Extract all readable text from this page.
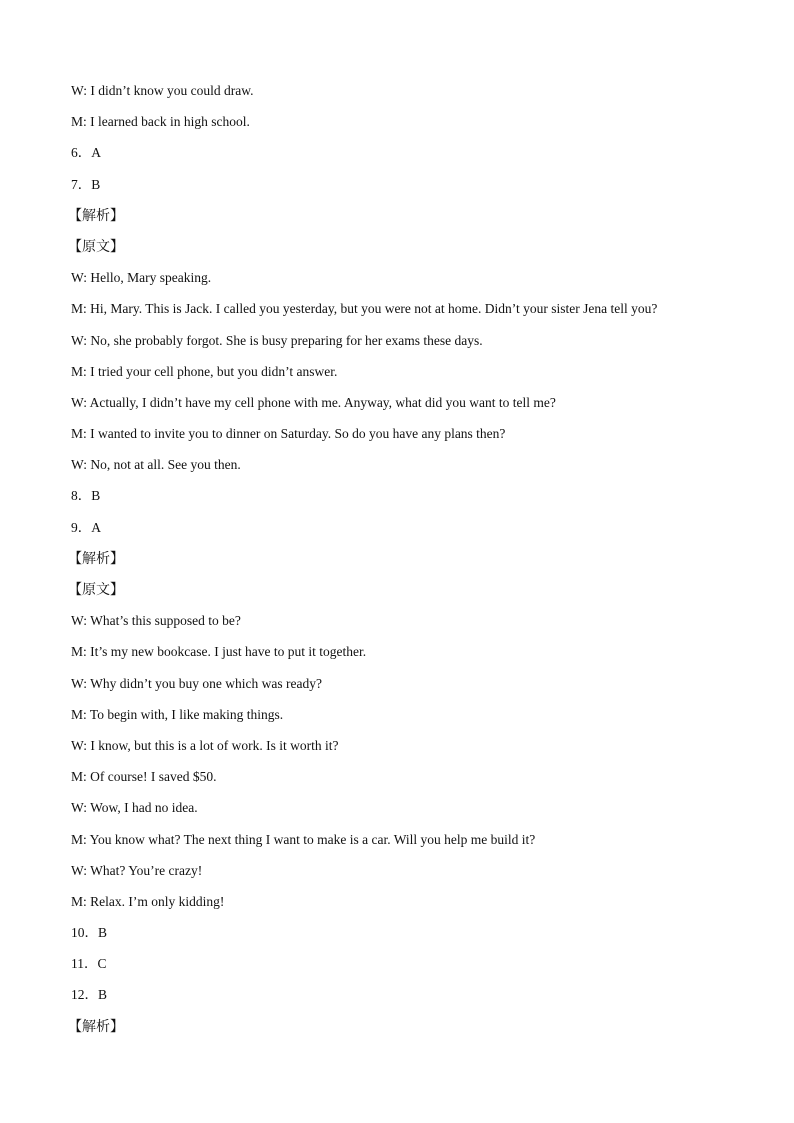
W: I didn’t know you could draw.
M: I learned back in high school.
6．A
7．B
【解析】
【原文】
W: Hello, Mary speaking.
M: Hi, Mary. This is Jack. I called you yesterday, but you were not at home. Didn’t your sister Jena tell you?
W: No, she probably forgot. She is busy preparing for her exams these days.
M: I tried your cell phone, but you didn’t answer.
W: Actually, I didn’t have my cell phone with me. Anyway, what did you want to tell me?
M: I wanted to invite you to dinner on Saturday. So do you have any plans then?
W: No, not at all. See you then.
8．B
9．A
【解析】
【原文】
W: What’s this supposed to be?
M: It’s my new bookcase. I just have to put it together.
W: Why didn’t you buy one which was ready?
M: To begin with, I like making things.
W: I know, but this is a lot of work. Is it worth it?
M: Of course! I saved $50.
W: Wow, I had no idea.
M: You know what? The next thing I want to make is a car. Will you help me build it?
W: What? You’re crazy!
M: Relax. I’m only kidding!
10．B
11．C
12．B
【解析】
